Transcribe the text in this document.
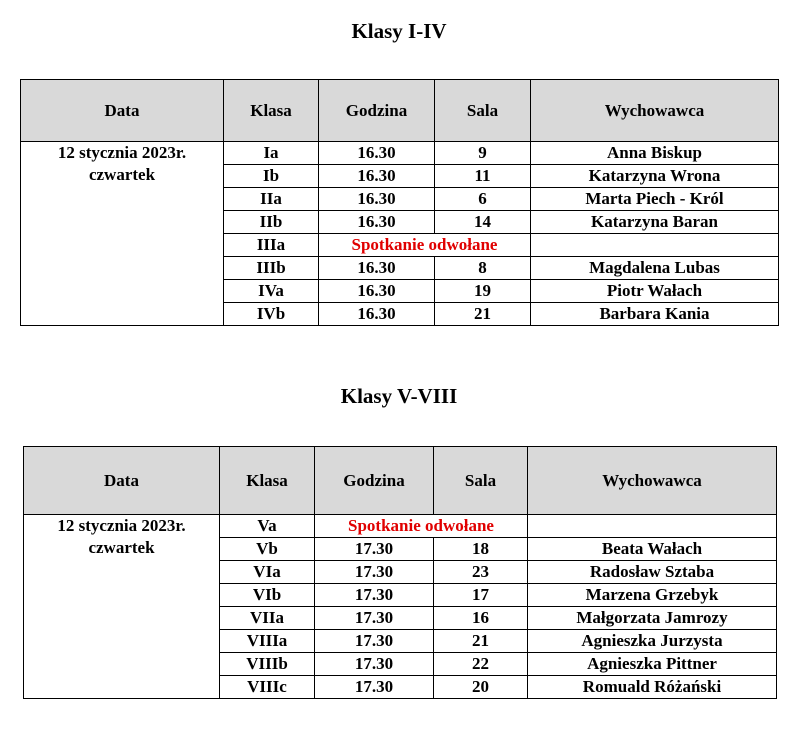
Klasy I-IV
Data	Klasa	Godzina	Sala	Wychowawca

12 stycznia 2023r.
czwartek	Ia	16.30	9	Anna Biskup
	Ib	16.30	11	Katarzyna Wrona
	IIa	16.30	6	Marta Piech - Król
	IIb	16.30	14	Katarzyna Baran
	IIIa	Spotkanie odwołane		
	IIIb	16.30	8	Magdalena Lubas
	IVa	16.30	19	Piotr Wałach
	IVb	16.30	21	Barbara Kania
Klasy V-VIII
Data	Klasa	Godzina	Sala	Wychowawca

12 stycznia 2023r.
czwartek	Va	Spotkanie odwołane		
	Vb	17.30	18	Beata Wałach
	VIa	17.30	23	Radosław Sztaba
	VIb	17.30	17	Marzena Grzebyk
	VIIa	17.30	16	Małgorzata Jamrozy
	VIIIa	17.30	21	Agnieszka Jurzysta
	VIIIb	17.30	22	Agnieszka Pittner
	VIIIc	17.30	20	Romuald Różański
